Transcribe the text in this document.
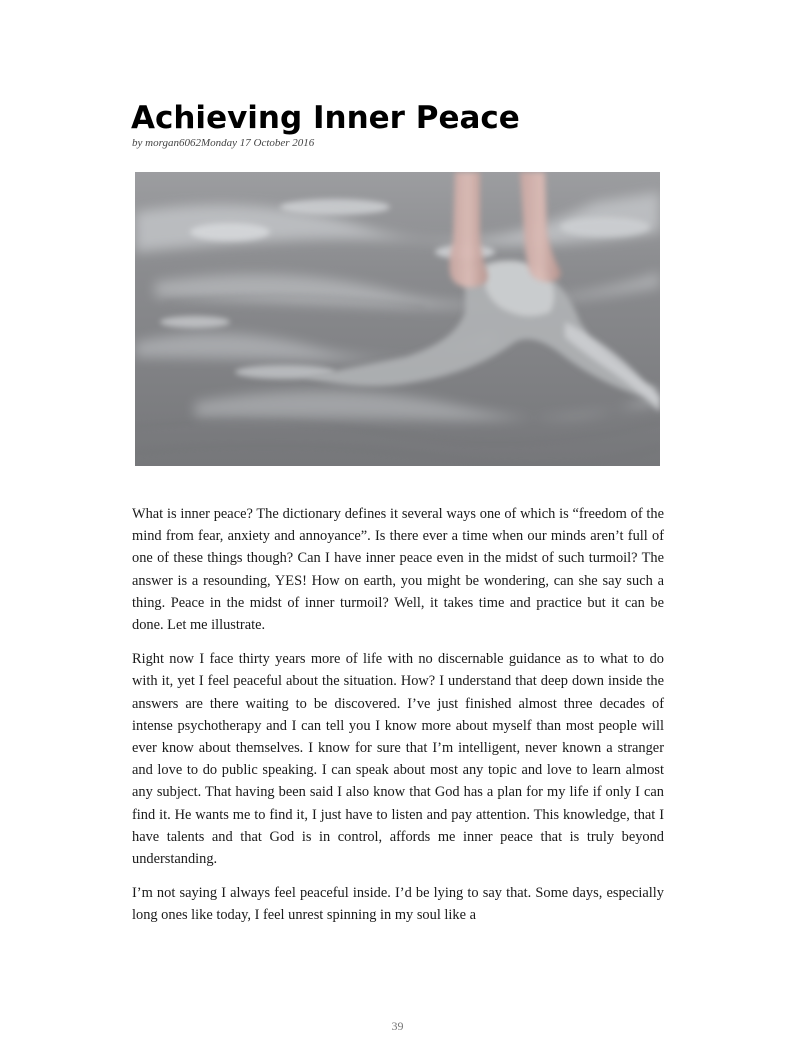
Achieving Inner Peace
by morgan6062Monday 17 October 2016

What is inner peace? The dictionary defines it several ways one of which is “freedom of the mind from fear, anxiety and annoyance”. Is there ever a time when our minds aren’t full of one of these things though? Can I have inner peace even in the midst of such turmoil? The answer is a resounding, YES! How on earth, you might be wondering, can she say such a thing. Peace in the midst of inner turmoil? Well, it takes time and practice but it can be done. Let me illustrate.

Right now I face thirty years more of life with no discernable guidance as to what to do with it, yet I feel peaceful about the situation. How? I understand that deep down inside the answers are there waiting to be discovered. I’ve just finished almost three decades of intense psychotherapy and I can tell you I know more about myself than most people will ever know about themselves. I know for sure that I’m intelligent, never known a stranger and love to do public speaking. I can speak about most any topic and love to learn almost any subject. That having been said I also know that God has a plan for my life if only I can find it. He wants me to find it, I just have to listen and pay attention. This knowledge, that I have talents and that God is in control, affords me inner peace that is truly beyond understanding.

I’m not saying I always feel peaceful inside. I’d be lying to say that. Some days, especially long ones like today, I feel unrest spinning in my soul like a

39
